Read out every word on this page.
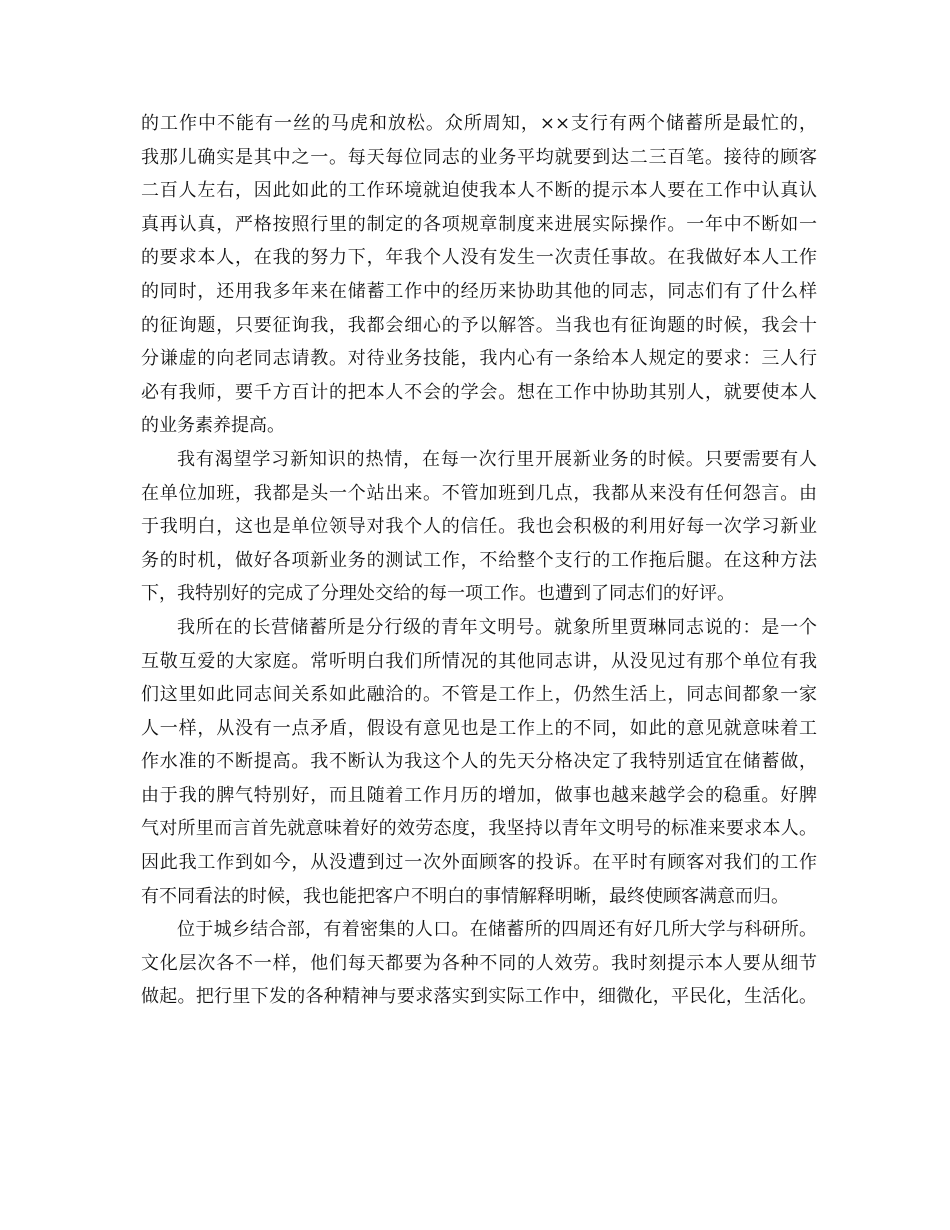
的工作中不能有一丝的马虎和放松。众所周知，××支行有两个储蓄所是最忙的，
我那儿确实是其中之一。每天每位同志的业务平均就要到达二三百笔。接待的顾客
二百人左右，因此如此的工作环境就迫使我本人不断的提示本人要在工作中认真认
真再认真，严格按照行里的制定的各项规章制度来进展实际操作。一年中不断如一
的要求本人，在我的努力下，年我个人没有发生一次责任事故。在我做好本人工作
的同时，还用我多年来在储蓄工作中的经历来协助其他的同志，同志们有了什么样
的征询题，只要征询我，我都会细心的予以解答。当我也有征询题的时候，我会十
分谦虚的向老同志请教。对待业务技能，我内心有一条给本人规定的要求：三人行
必有我师，要千方百计的把本人不会的学会。想在工作中协助其别人，就要使本人
的业务素养提高。
我有渴望学习新知识的热情，在每一次行里开展新业务的时候。只要需要有人
在单位加班，我都是头一个站出来。不管加班到几点，我都从来没有任何怨言。由
于我明白，这也是单位领导对我个人的信任。我也会积极的利用好每一次学习新业
务的时机，做好各项新业务的测试工作，不给整个支行的工作拖后腿。在这种方法
下，我特别好的完成了分理处交给的每一项工作。也遭到了同志们的好评。
我所在的长营储蓄所是分行级的青年文明号。就象所里贾琳同志说的：是一个
互敬互爱的大家庭。常听明白我们所情况的其他同志讲，从没见过有那个单位有我
们这里如此同志间关系如此融洽的。不管是工作上，仍然生活上，同志间都象一家
人一样，从没有一点矛盾，假设有意见也是工作上的不同，如此的意见就意味着工
作水准的不断提高。我不断认为我这个人的先天分格决定了我特别适宜在储蓄做，
由于我的脾气特别好，而且随着工作月历的增加，做事也越来越学会的稳重。好脾
气对所里而言首先就意味着好的效劳态度，我坚持以青年文明号的标准来要求本人。
因此我工作到如今，从没遭到过一次外面顾客的投诉。在平时有顾客对我们的工作
有不同看法的时候，我也能把客户不明白的事情解释明晰，最终使顾客满意而归。
位于城乡结合部，有着密集的人口。在储蓄所的四周还有好几所大学与科研所。
文化层次各不一样，他们每天都要为各种不同的人效劳。我时刻提示本人要从细节
做起。把行里下发的各种精神与要求落实到实际工作中，细微化，平民化，生活化。
